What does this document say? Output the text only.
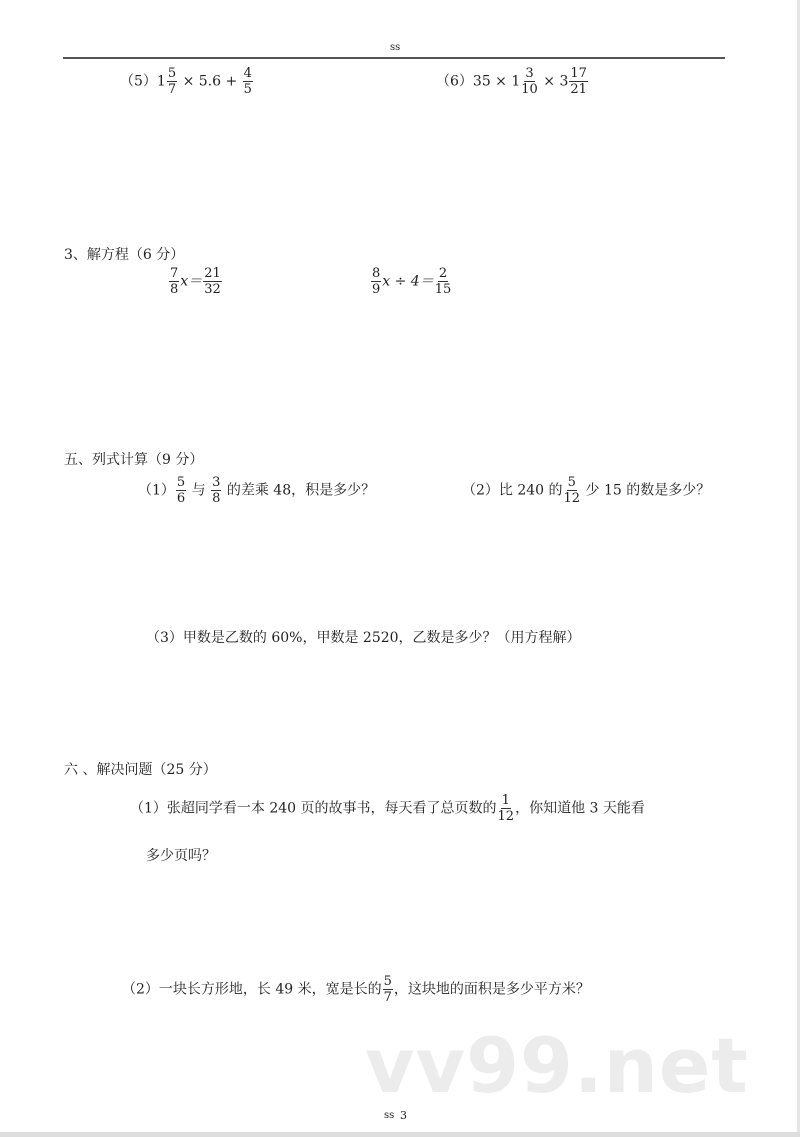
ss
$(5)1 \frac{5}{7} \times 5.6 + \frac{4}{5}$	$(6)35 \times 1 \frac{3}{10} \times 3 \frac{17}{21}$
3、解方程（6 分）
$\frac{7}{8} x= \frac{21}{32}$	$\frac{8}{9}$ $x \div 4= \frac{2}{15}$
五、列式计算（9 分）
$(1) \frac{5}{6}$ 与 $\frac{3}{8}$ 的差乘 48，积是多少？	（2）比 240 的 $\frac{5}{12}$ 少 15 的数是多少？
（3）甲数是乙数的 60%，甲数是 2520，乙数是多少？（用方程解）
六 、解决问题（25 分）
（1）张超同学看一本 240 页的故事书，每天看了总页数的 $\frac{1}{12}$ ，你知道他 3 天能看
多少页吗？
（2）一块长方形地，长 49 米，宽是长的 $\frac{5}{7}$ ，这块地的面积是多少平方米？
vv99.net
ss 3
